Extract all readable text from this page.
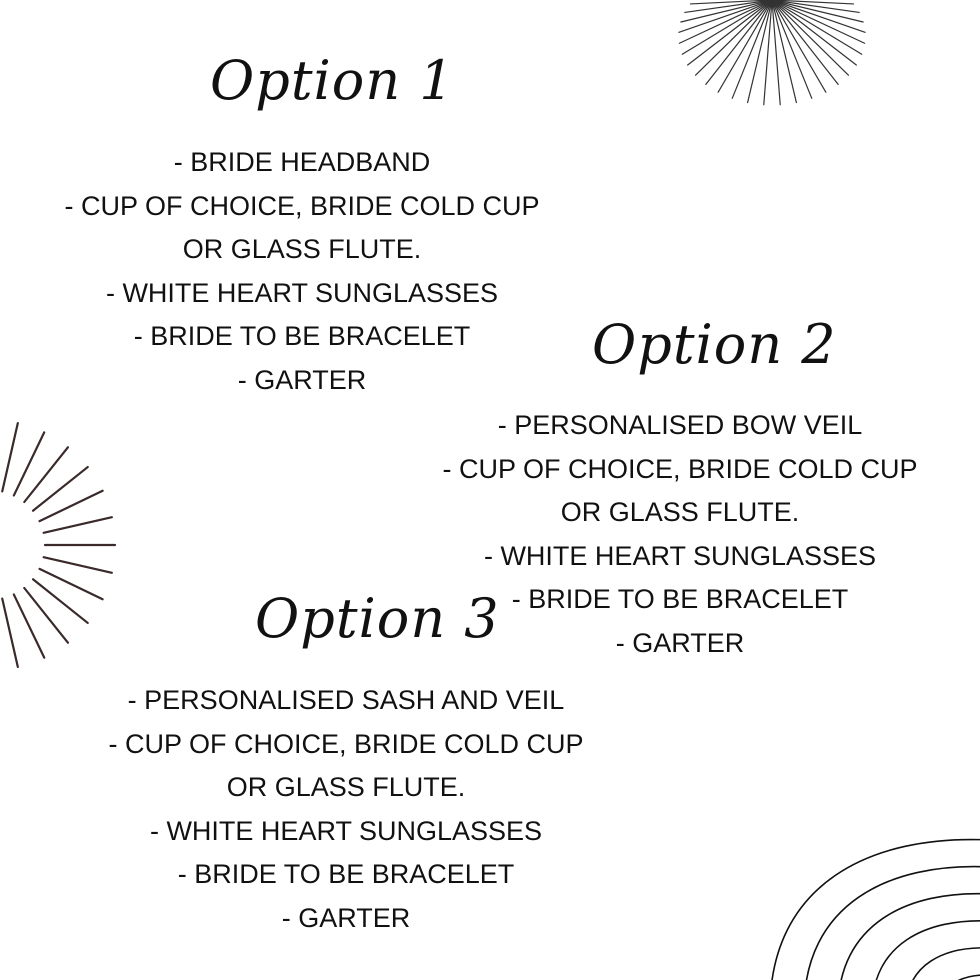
Option 1
- BRIDE HEADBAND
- CUP OF CHOICE, BRIDE COLD CUP
OR GLASS FLUTE.
- WHITE HEART SUNGLASSES
- BRIDE TO BE BRACELET
- GARTER
Option 2
- PERSONALISED BOW VEIL
- CUP OF CHOICE, BRIDE COLD CUP
OR GLASS FLUTE.
- WHITE HEART SUNGLASSES
- BRIDE TO BE BRACELET
- GARTER
Option 3
- PERSONALISED SASH AND VEIL
- CUP OF CHOICE, BRIDE COLD CUP
OR GLASS FLUTE.
- WHITE HEART SUNGLASSES
- BRIDE TO BE BRACELET
- GARTER
